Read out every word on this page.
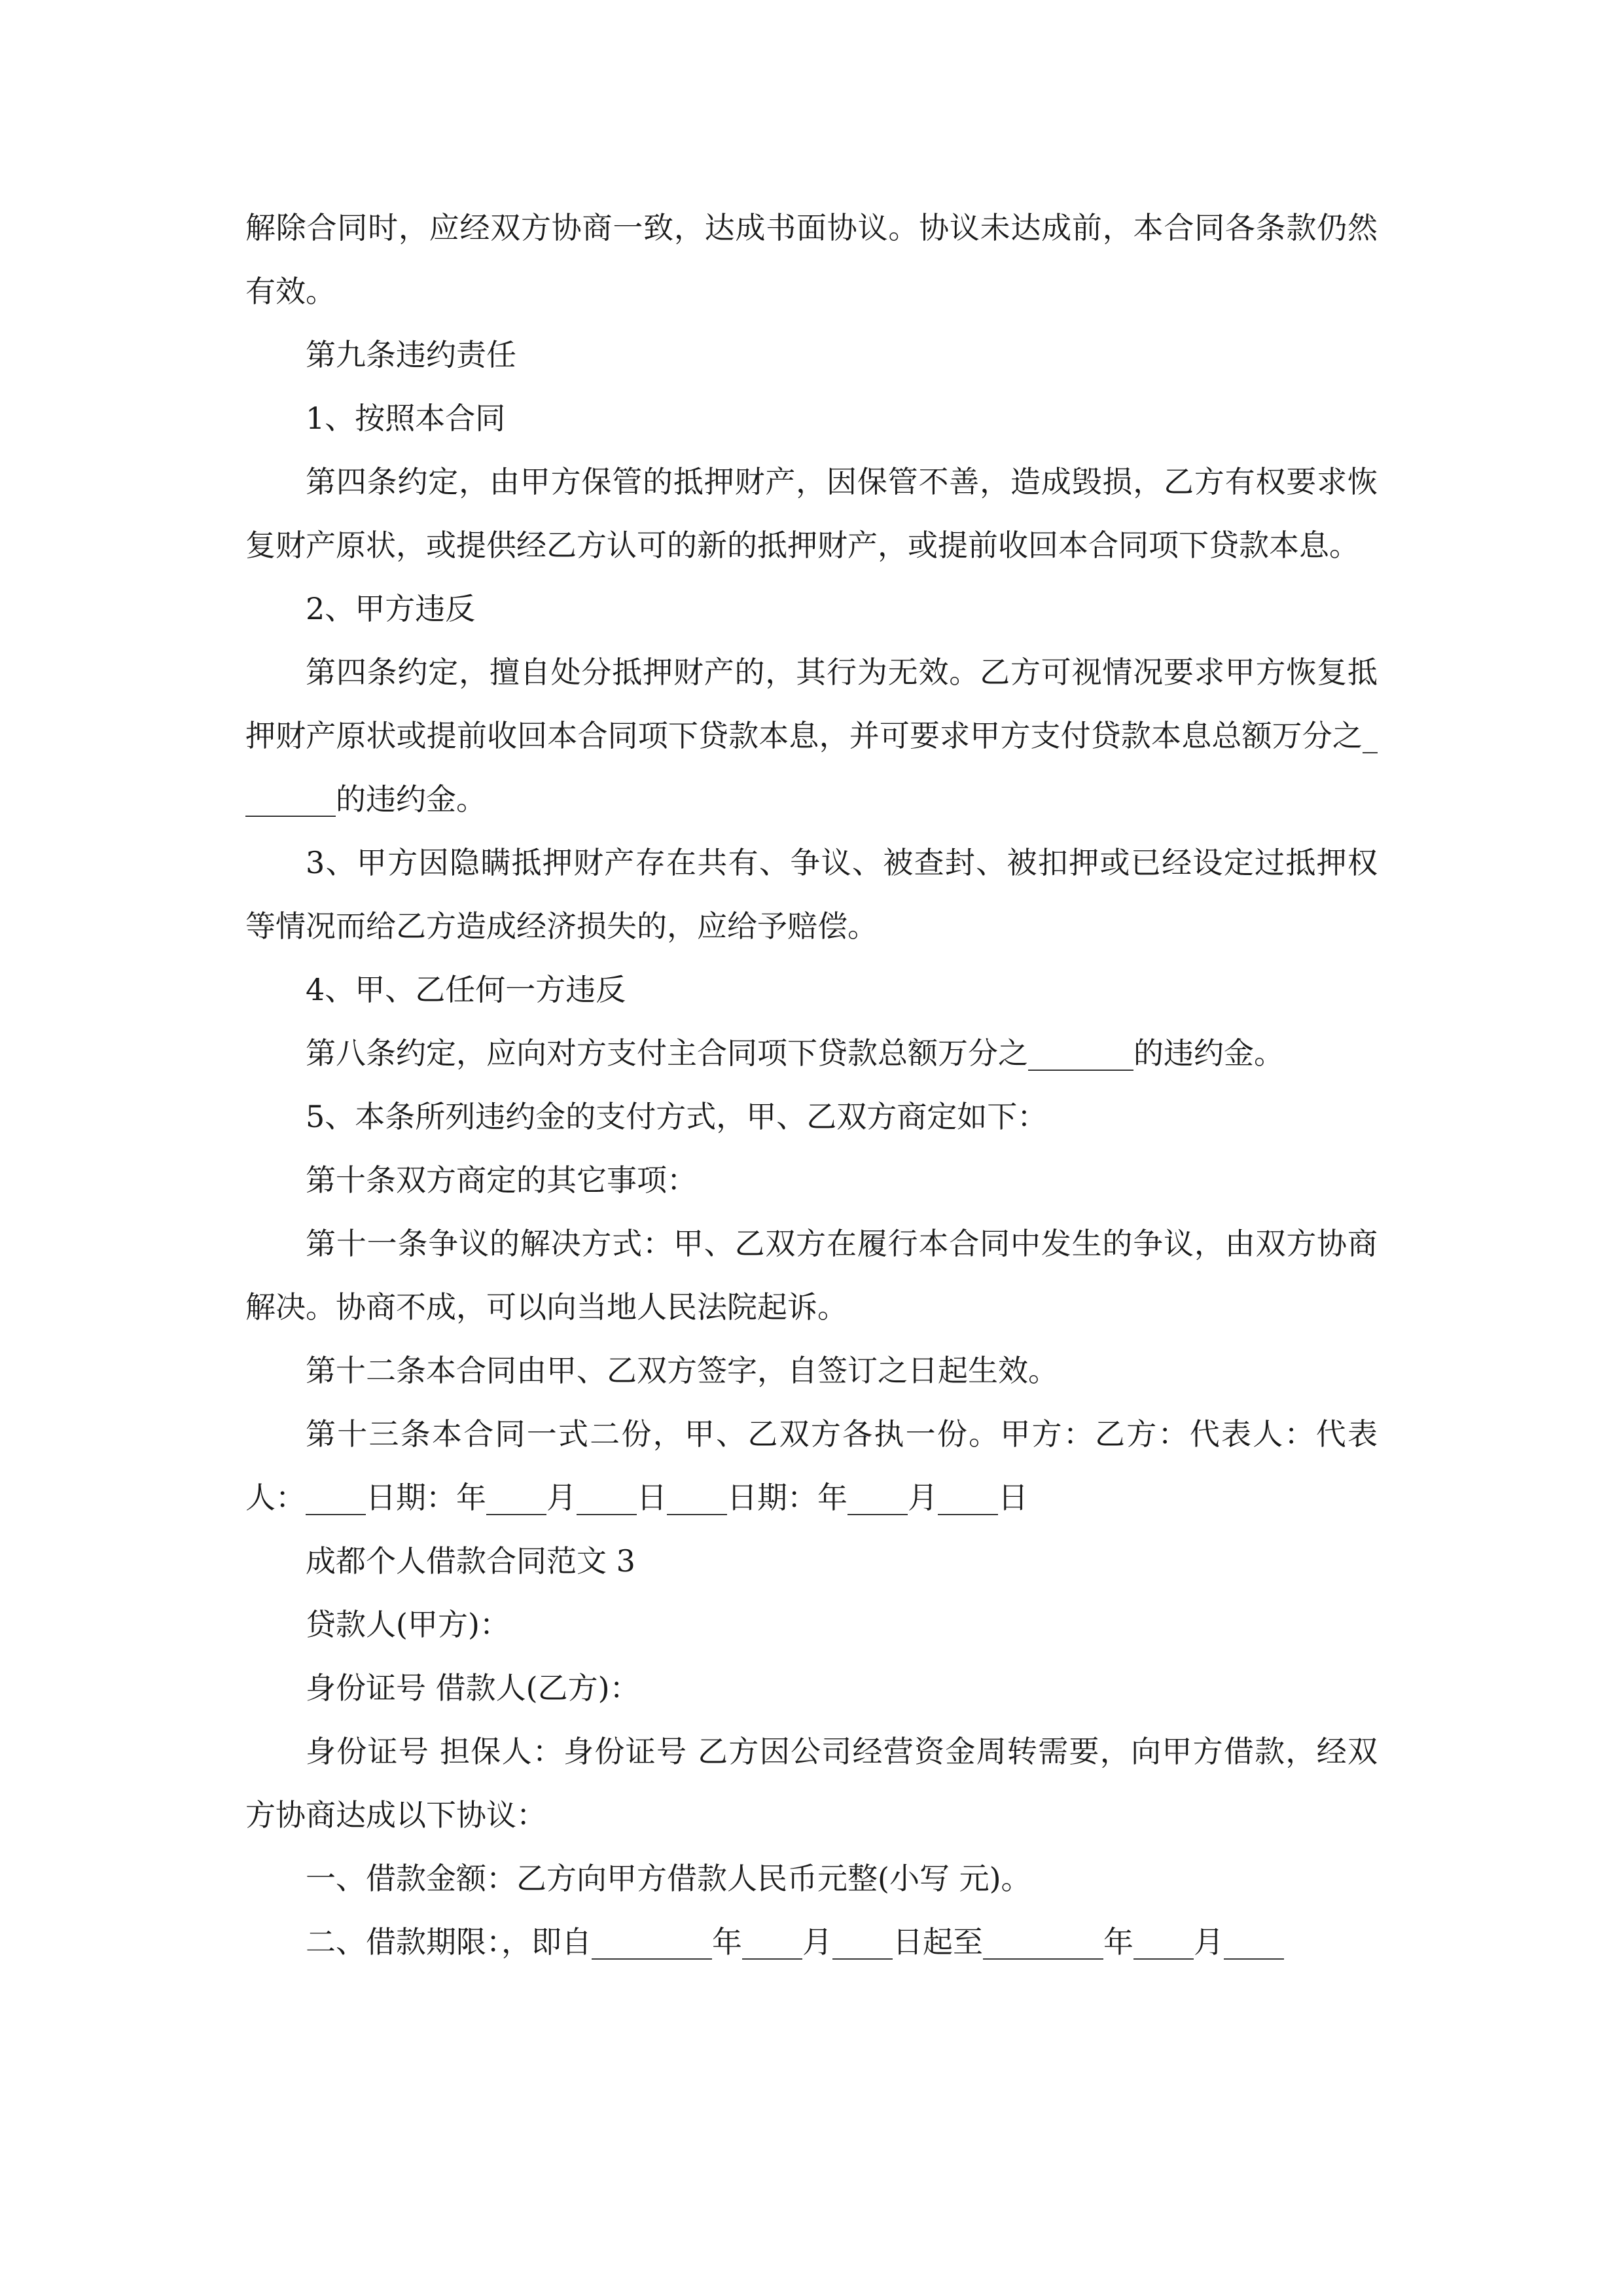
解除合同时，应经双方协商一致，达成书面协议。协议未达成前，本合同各条款仍然有效。

第九条违约责任

1、按照本合同

第四条约定，由甲方保管的抵押财产，因保管不善，造成毁损，乙方有权要求恢复财产原状，或提供经乙方认可的新的抵押财产，或提前收回本合同项下贷款本息。

2、甲方违反

第四条约定，擅自处分抵押财产的，其行为无效。乙方可视情况要求甲方恢复抵押财产原状或提前收回本合同项下贷款本息，并可要求甲方支付贷款本息总额万分之_______的违约金。

3、甲方因隐瞒抵押财产存在共有、争议、被查封、被扣押或已经设定过抵押权等情况而给乙方造成经济损失的，应给予赔偿。

4、甲、乙任何一方违反

第八条约定，应向对方支付主合同项下贷款总额万分之_______的违约金。

5、本条所列违约金的支付方式，甲、乙双方商定如下：

第十条双方商定的其它事项：

第十一条争议的解决方式：甲、乙双方在履行本合同中发生的争议，由双方协商解决。协商不成，可以向当地人民法院起诉。

第十二条本合同由甲、乙双方签字，自签订之日起生效。

第十三条本合同一式二份，甲、乙双方各执一份。甲方：乙方：代表人：代表人：____日期：年____月____日____日期：年____月____日

成都个人借款合同范文 3

贷款人(甲方)：

身份证号 借款人(乙方)：

身份证号 担保人：身份证号 乙方因公司经营资金周转需要，向甲方借款，经双方协商达成以下协议：

一、借款金额：乙方向甲方借款人民币元整(小写 元)。

二、借款期限：，即自________年____月____日起至________年____月____
